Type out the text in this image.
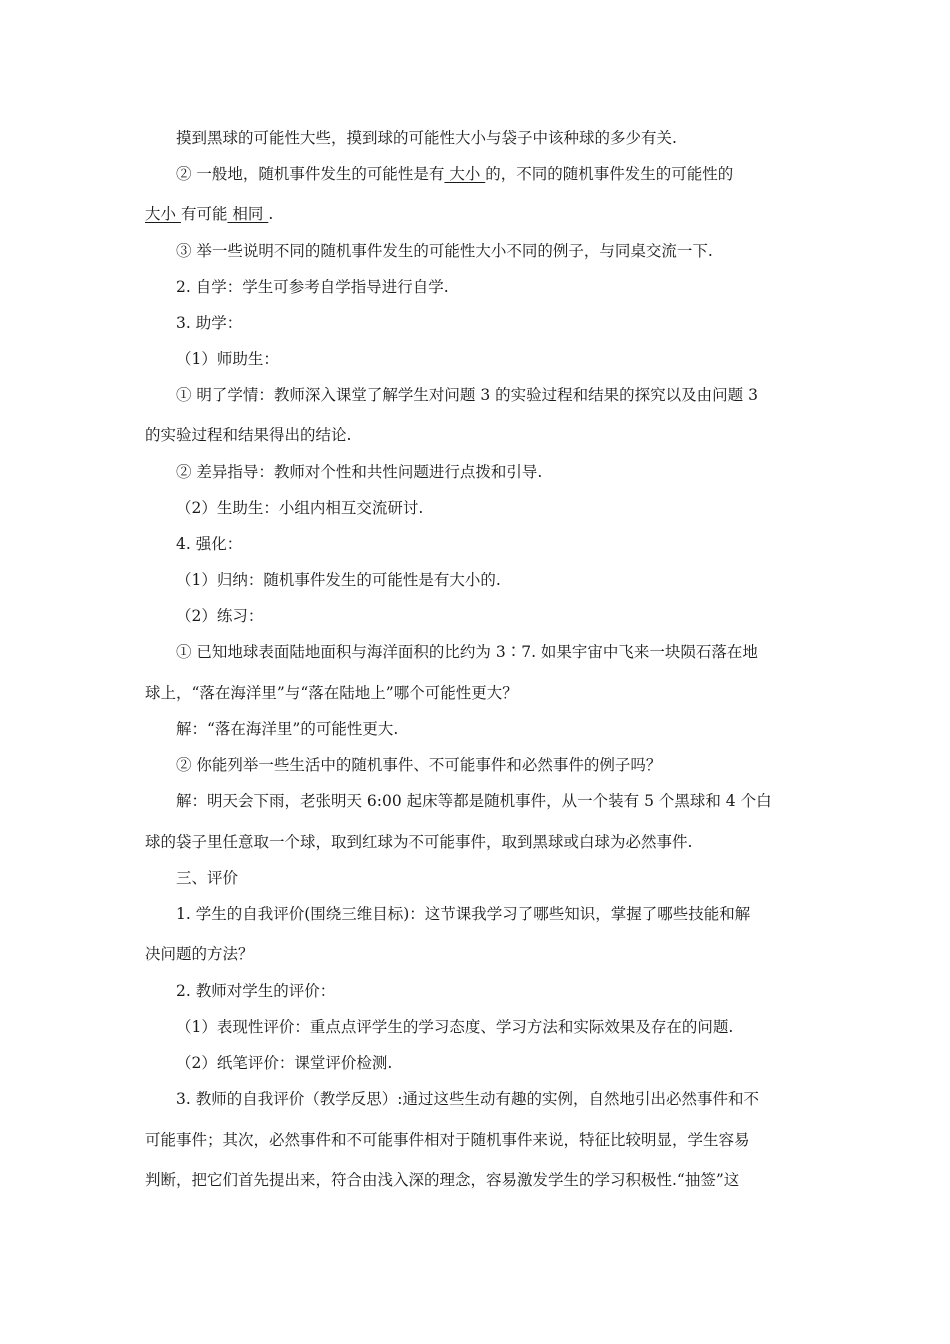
摸到黑球的可能性大些，摸到球的可能性大小与袋子中该种球的多少有关.
② 一般地，随机事件发生的可能性是有 大小 的，不同的随机事件发生的可能性的
大小 有可能 相同 .
③ 举一些说明不同的随机事件发生的可能性大小不同的例子，与同桌交流一下.
2. 自学：学生可参考自学指导进行自学.
3. 助学：
（1）师助生：
① 明了学情：教师深入课堂了解学生对问题 3 的实验过程和结果的探究以及由问题 3
的实验过程和结果得出的结论.
② 差异指导：教师对个性和共性问题进行点拨和引导.
（2）生助生：小组内相互交流研讨.
4. 强化：
（1）归纳：随机事件发生的可能性是有大小的.
（2）练习：
① 已知地球表面陆地面积与海洋面积的比约为 3∶7. 如果宇宙中飞来一块陨石落在地
球上，“落在海洋里”与“落在陆地上”哪个可能性更大？
解：“落在海洋里”的可能性更大.
② 你能列举一些生活中的随机事件、不可能事件和必然事件的例子吗？
解：明天会下雨，老张明天 6:00 起床等都是随机事件，从一个装有 5 个黑球和 4 个白
球的袋子里任意取一个球，取到红球为不可能事件，取到黑球或白球为必然事件.
三、评价
1. 学生的自我评价(围绕三维目标)：这节课我学习了哪些知识，掌握了哪些技能和解
决问题的方法？
2. 教师对学生的评价：
（1）表现性评价：重点点评学生的学习态度、学习方法和实际效果及存在的问题.
（2）纸笔评价：课堂评价检测.
3. 教师的自我评价（教学反思）:通过这些生动有趣的实例，自然地引出必然事件和不
可能事件；其次，必然事件和不可能事件相对于随机事件来说，特征比较明显，学生容易
判断，把它们首先提出来，符合由浅入深的理念，容易激发学生的学习积极性.“抽签”这
